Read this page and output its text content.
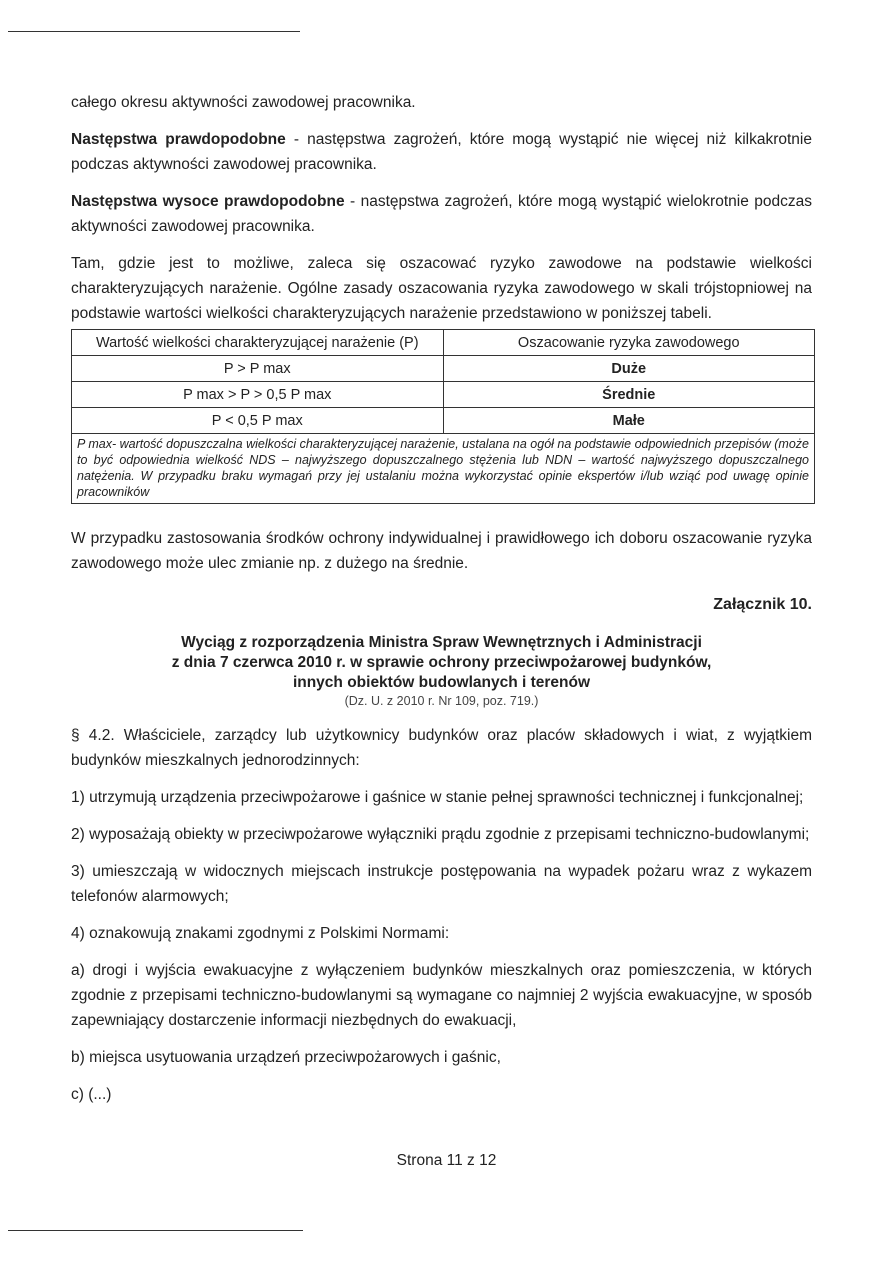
całego okresu aktywności zawodowej pracownika.

Następstwa prawdopodobne - następstwa zagrożeń, które mogą wystąpić nie więcej niż kilkakrotnie podczas aktywności zawodowej pracownika.

Następstwa wysoce prawdopodobne - następstwa zagrożeń, które mogą wystąpić wielokrotnie podczas aktywności zawodowej pracownika.

Tam, gdzie jest to możliwe, zaleca się oszacować ryzyko zawodowe na podstawie wielkości charakteryzujących narażenie. Ogólne zasady oszacowania ryzyka zawodowego w skali trójstopniowej na podstawie wartości wielkości charakteryzujących narażenie przedstawiono w poniższej tabeli.

Wartość wielkości charakteryzującej narażenie (P)	Oszacowanie ryzyka zawodowego
P > P max	Duże
P max > P > 0,5 P max	Średnie
P < 0,5 P max	Małe
P max- wartość dopuszczalna wielkości charakteryzującej narażenie, ustalana na ogół na podstawie odpowiednich przepisów (może to być odpowiednia wielkość NDS – najwyższego dopuszczalnego stężenia lub NDN – wartość najwyższego dopuszczalnego natężenia. W przypadku braku wymagań przy jej ustalaniu można wykorzystać opinie ekspertów i/lub wziąć pod uwagę opinie pracowników	

W przypadku zastosowania środków ochrony indywidualnej i prawidłowego ich doboru oszacowanie ryzyka zawodowego może ulec zmianie np. z dużego na średnie.

Załącznik 10.

Wyciąg z rozporządzenia Ministra Spraw Wewnętrznych i Administracji
z dnia 7 czerwca 2010 r. w sprawie ochrony przeciwpożarowej budynków,
innych obiektów budowlanych i terenów
(Dz. U. z 2010 r. Nr 109, poz. 719.)

§ 4.2. Właściciele, zarządcy lub użytkownicy budynków oraz placów składowych i wiat, z wyjątkiem budynków mieszkalnych jednorodzinnych:

1) utrzymują urządzenia przeciwpożarowe i gaśnice w stanie pełnej sprawności technicznej i funkcjonalnej;

2) wyposażają obiekty w przeciwpożarowe wyłączniki prądu zgodnie z przepisami techniczno-budowlanymi;

3) umieszczają w widocznych miejscach instrukcje postępowania na wypadek pożaru wraz z wykazem telefonów alarmowych;

4) oznakowują znakami zgodnymi z Polskimi Normami:

a) drogi i wyjścia ewakuacyjne z wyłączeniem budynków mieszkalnych oraz pomieszczenia, w których zgodnie z przepisami techniczno-budowlanymi są wymagane co najmniej 2 wyjścia ewakuacyjne, w sposób zapewniający dostarczenie informacji niezbędnych do ewakuacji,

b) miejsca usytuowania urządzeń przeciwpożarowych i gaśnic,

c) (...)

Strona 11 z 12
